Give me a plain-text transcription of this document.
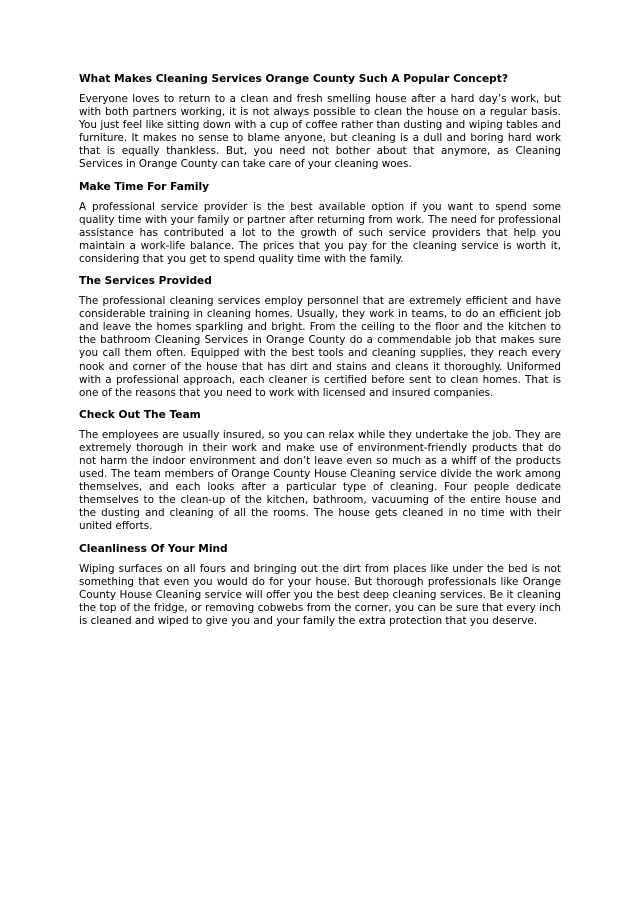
What Makes Cleaning Services Orange County Such A Popular Concept?

Everyone loves to return to a clean and fresh smelling house after a hard day’s work, but with both partners working, it is not always possible to clean the house on a regular basis. You just feel like sitting down with a cup of coffee rather than dusting and wiping tables and furniture. It makes no sense to blame anyone, but cleaning is a dull and boring hard work that is equally thankless. But, you need not bother about that anymore, as Cleaning Services in Orange County can take care of your cleaning woes.

Make Time For Family

A professional service provider is the best available option if you want to spend some quality time with your family or partner after returning from work. The need for professional assistance has contributed a lot to the growth of such service providers that help you maintain a work-life balance. The prices that you pay for the cleaning service is worth it, considering that you get to spend quality time with the family.

The Services Provided

The professional cleaning services employ personnel that are extremely efficient and have considerable training in cleaning homes. Usually, they work in teams, to do an efficient job and leave the homes sparkling and bright. From the ceiling to the floor and the kitchen to the bathroom Cleaning Services in Orange County do a commendable job that makes sure you call them often. Equipped with the best tools and cleaning supplies, they reach every nook and corner of the house that has dirt and stains and cleans it thoroughly. Uniformed with a professional approach, each cleaner is certified before sent to clean homes. That is one of the reasons that you need to work with licensed and insured companies.

Check Out The Team

The employees are usually insured, so you can relax while they undertake the job. They are extremely thorough in their work and make use of environment-friendly products that do not harm the indoor environment and don’t leave even so much as a whiff of the products used. The team members of Orange County House Cleaning service divide the work among themselves, and each looks after a particular type of cleaning. Four people dedicate themselves to the clean-up of the kitchen, bathroom, vacuuming of the entire house and the dusting and cleaning of all the rooms. The house gets cleaned in no time with their united efforts.

Cleanliness Of Your Mind

Wiping surfaces on all fours and bringing out the dirt from places like under the bed is not something that even you would do for your house. But thorough professionals like Orange County House Cleaning service will offer you the best deep cleaning services. Be it cleaning the top of the fridge, or removing cobwebs from the corner, you can be sure that every inch is cleaned and wiped to give you and your family the extra protection that you deserve.
